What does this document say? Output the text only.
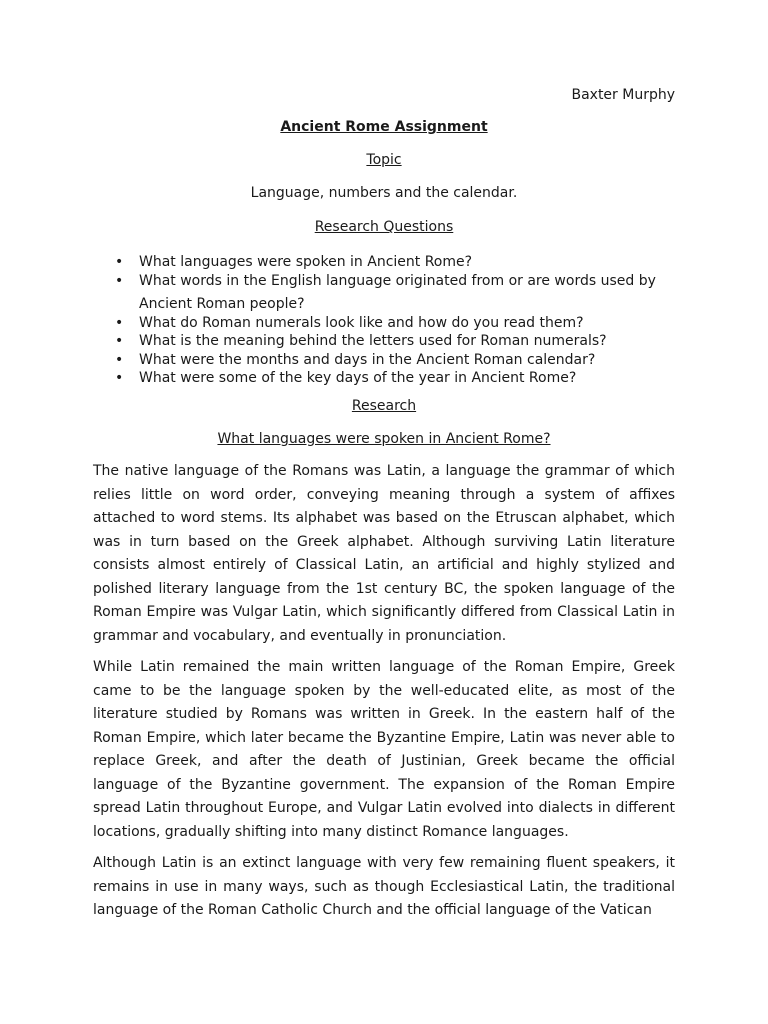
Baxter Murphy
Ancient Rome Assignment
Topic
Language, numbers and the calendar.
Research Questions
• What languages were spoken in Ancient Rome?
• What words in the English language originated from or are words used by Ancient Roman people?
• What do Roman numerals look like and how do you read them?
• What is the meaning behind the letters used for Roman numerals?
• What were the months and days in the Ancient Roman calendar?
• What were some of the key days of the year in Ancient Rome?
Research
What languages were spoken in Ancient Rome?

The native language of the Romans was Latin, a language the grammar of which relies little on word order, conveying meaning through a system of affixes attached to word stems. Its alphabet was based on the Etruscan alphabet, which was in turn based on the Greek alphabet. Although surviving Latin literature consists almost entirely of Classical Latin, an artificial and highly stylized and polished literary language from the 1st century BC, the spoken language of the Roman Empire was Vulgar Latin, which significantly differed from Classical Latin in grammar and vocabulary, and eventually in pronunciation.

While Latin remained the main written language of the Roman Empire, Greek came to be the language spoken by the well-educated elite, as most of the literature studied by Romans was written in Greek. In the eastern half of the Roman Empire, which later became the Byzantine Empire, Latin was never able to replace Greek, and after the death of Justinian, Greek became the official language of the Byzantine government. The expansion of the Roman Empire spread Latin throughout Europe, and Vulgar Latin evolved into dialects in different locations, gradually shifting into many distinct Romance languages.

Although Latin is an extinct language with very few remaining fluent speakers, it remains in use in many ways, such as though Ecclesiastical Latin, the traditional language of the Roman Catholic Church and the official language of the Vatican
